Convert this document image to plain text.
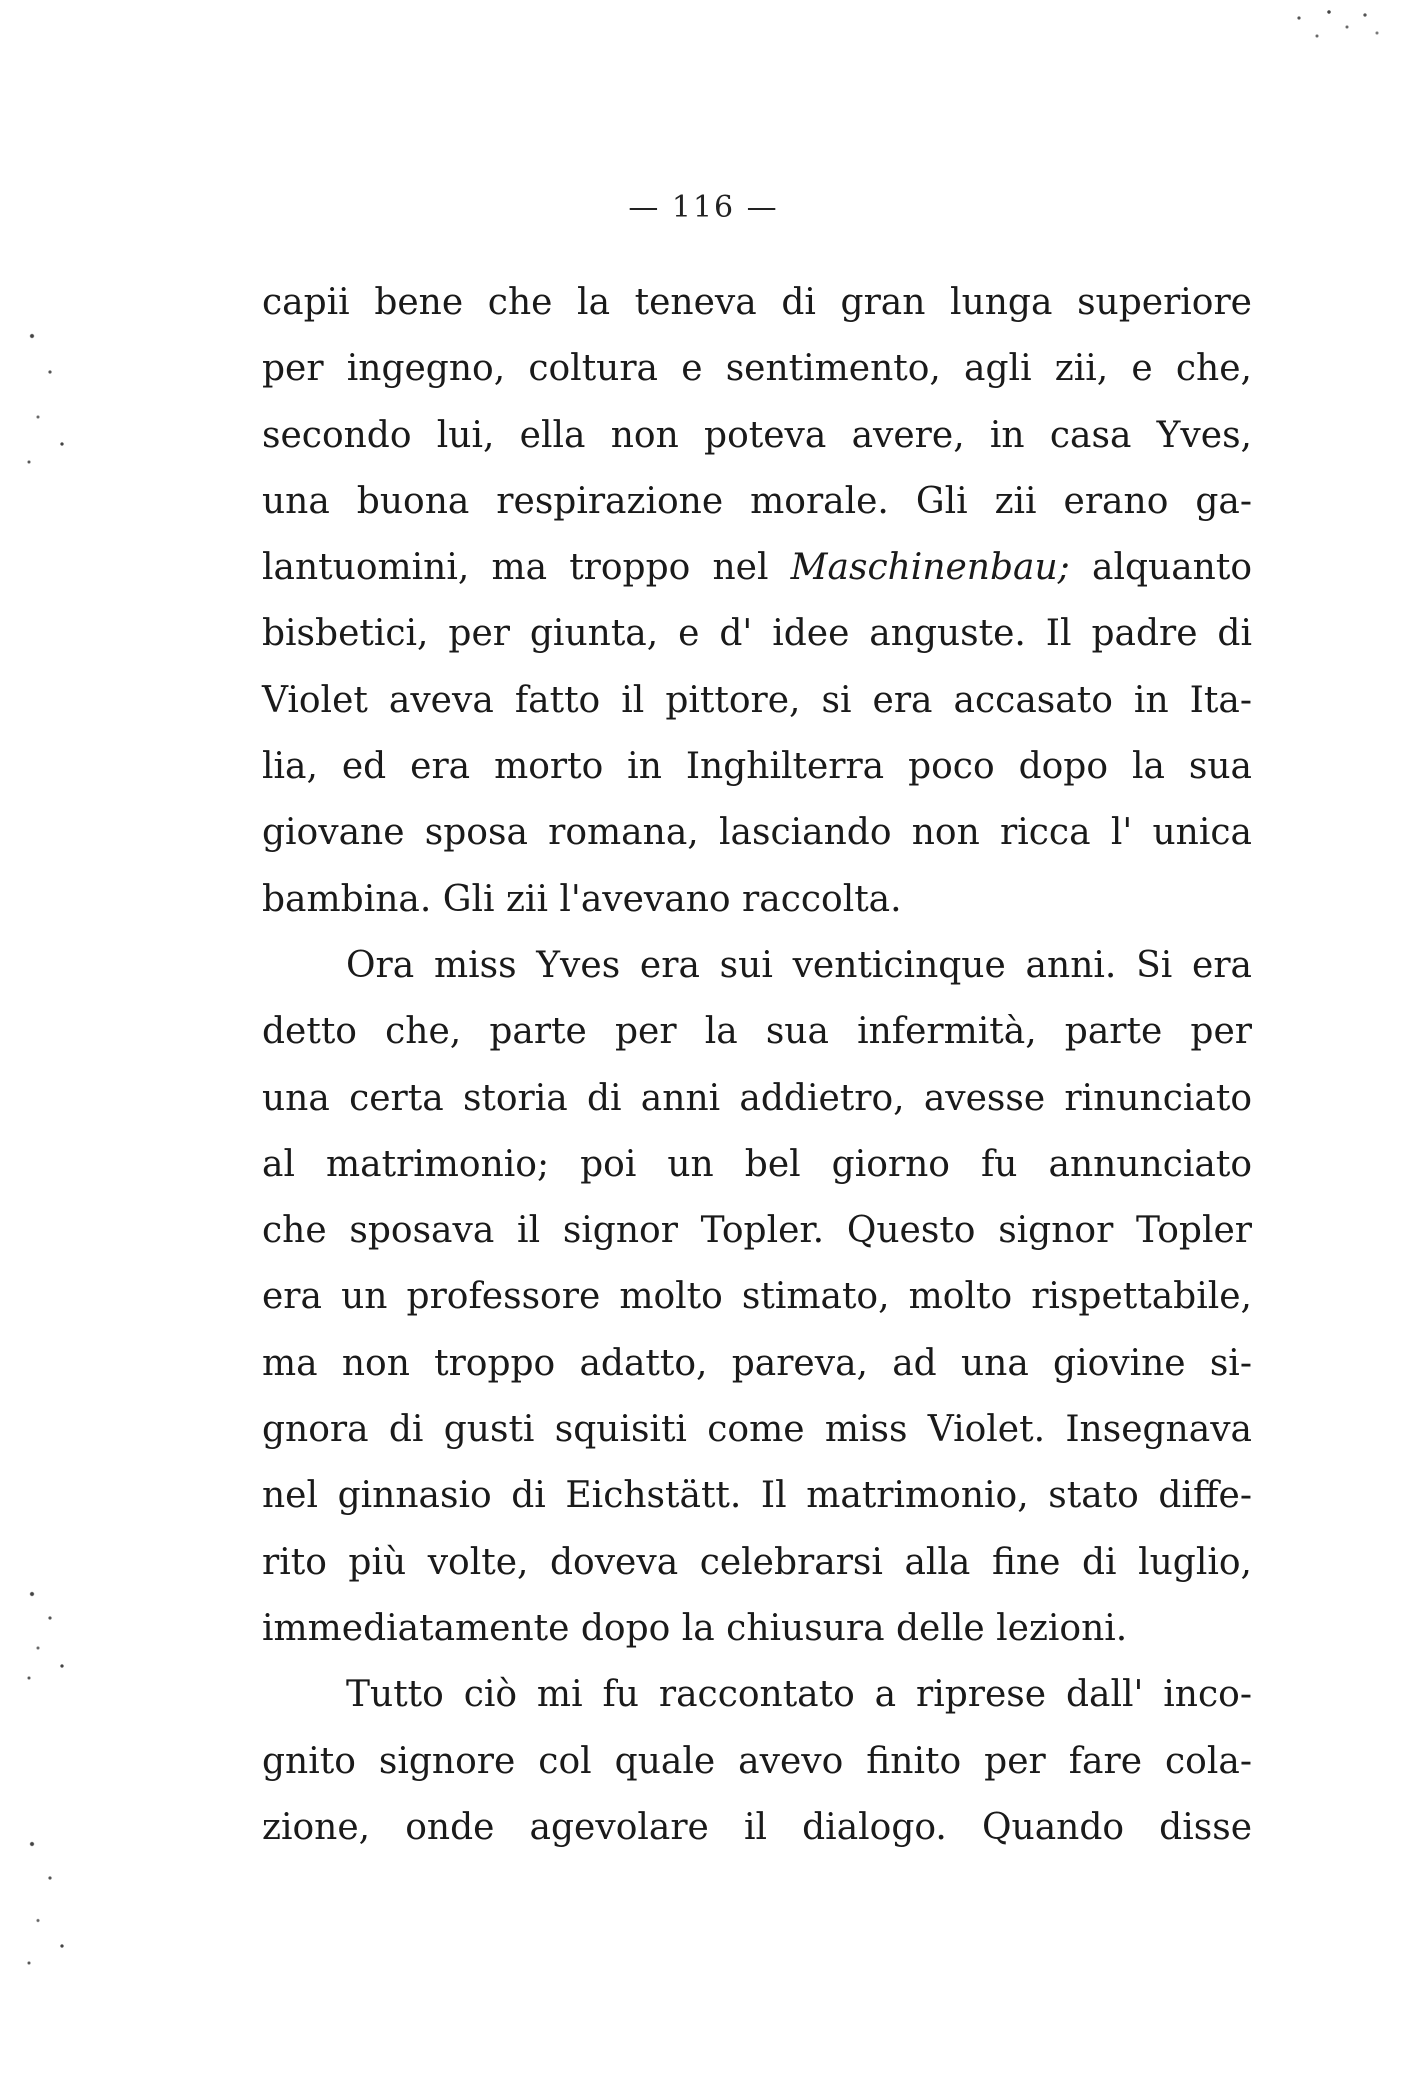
— 116 —
capii bene che la teneva di gran lunga superiore
per ingegno, coltura e sentimento, agli zii, e che,
secondo lui, ella non poteva avere, in casa Yves,
una buona respirazione morale. Gli zii erano ga-
lantuomini, ma troppo nel Maschinenbau; alquanto
bisbetici, per giunta, e d' idee anguste. Il padre di
Violet aveva fatto il pittore, si era accasato in Ita-
lia, ed era morto in Inghilterra poco dopo la sua
giovane sposa romana, lasciando non ricca l' unica
bambina. Gli zii l'avevano raccolta.
Ora miss Yves era sui venticinque anni. Si era
detto che, parte per la sua infermità, parte per
una certa storia di anni addietro, avesse rinunciato
al matrimonio; poi un bel giorno fu annunciato
che sposava il signor Topler. Questo signor Topler
era un professore molto stimato, molto rispettabile,
ma non troppo adatto, pareva, ad una giovine si-
gnora di gusti squisiti come miss Violet. Insegnava
nel ginnasio di Eichstätt. Il matrimonio, stato diffe-
rito più volte, doveva celebrarsi alla fine di luglio,
immediatamente dopo la chiusura delle lezioni.
Tutto ciò mi fu raccontato a riprese dall' inco-
gnito signore col quale avevo finito per fare cola-
zione, onde agevolare il dialogo. Quando disse
